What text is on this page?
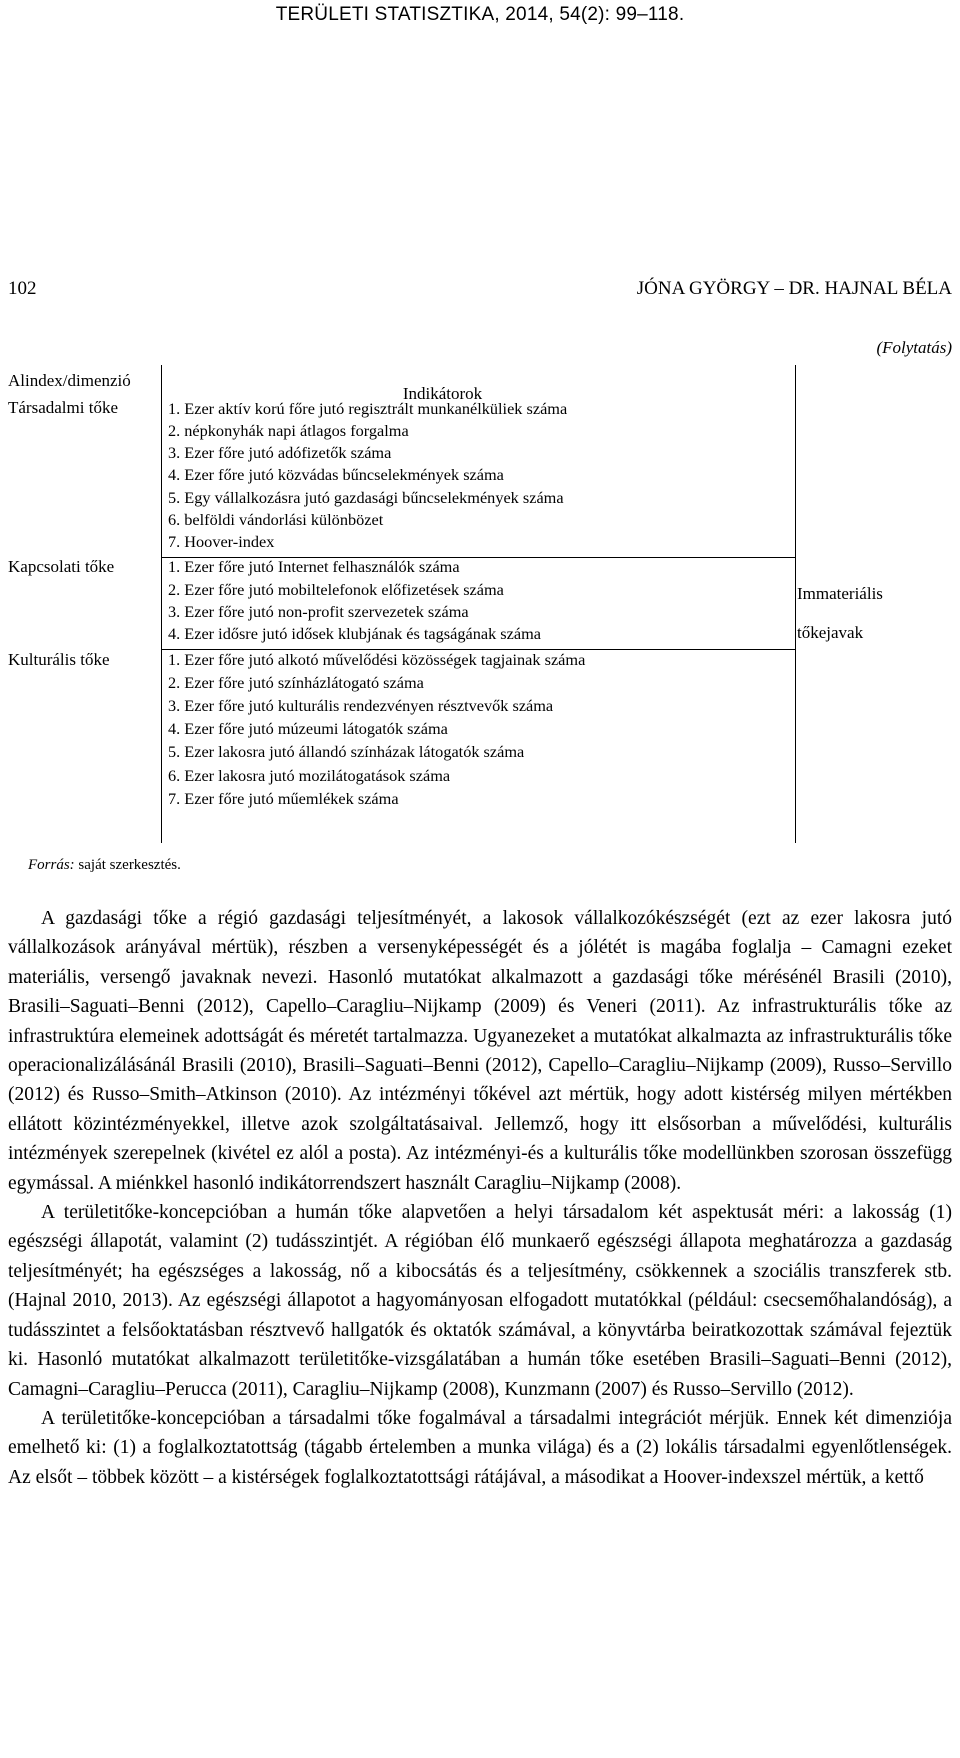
TERÜLETI STATISZTIKA, 2014, 54(2): 99–118.
102	JÓNA GYÖRGY – DR. HAJNAL BÉLA
(Folytatás)
Alindex/dimenzió
Indikátorok
Társadalmi tőke	1. Ezer aktív korú főre jutó regisztrált munkanélküliek száma
2. népkonyhák napi átlagos forgalma
3. Ezer főre jutó adófizetők száma
4. Ezer főre jutó közvádas bűncselekmények száma
5. Egy vállalkozásra jutó gazdasági bűncselekmények száma
6. belföldi vándorlási különbözet
7. Hoover-index
Kapcsolati tőke	1. Ezer főre jutó Internet felhasználók száma
2. Ezer főre jutó mobiltelefonok előfizetések száma
3. Ezer főre jutó non-profit szervezetek száma
4. Ezer idősre jutó idősek klubjának és tagságának száma
Kulturális tőke	1. Ezer főre jutó alkotó művelődési közösségek tagjainak száma
2. Ezer főre jutó színházlátogató száma
3. Ezer főre jutó kulturális rendezvényen résztvevők száma
4. Ezer főre jutó múzeumi látogatók száma
5. Ezer lakosra jutó állandó színházak látogatók száma
6. Ezer lakosra jutó mozilátogatások száma
7. Ezer főre jutó műemlékek száma
Immateriális
tőkejavak
Forrás: saját szerkesztés.

A gazdasági tőke a régió gazdasági teljesítményét, a lakosok vállalkozókészségét (ezt az ezer lakosra jutó vállalkozások arányával mértük), részben a versenyképességét és a jólétét is magába foglalja – Camagni ezeket materiális, versengő javaknak nevezi. Hasonló mutatókat alkalmazott a gazdasági tőke mérésénél Brasili (2010), Brasili–Saguati–Benni (2012), Capello–Caragliu–Nijkamp (2009) és Veneri (2011). Az infrastrukturális tőke az infrastruktúra elemeinek adottságát és méretét tartalmazza. Ugyanezeket a mutatókat alkalmazta az infrastrukturális tőke operacionalizálásánál Brasili (2010), Brasili–Saguati–Benni (2012), Capello–Caragliu–Nijkamp (2009), Russo–Servillo (2012) és Russo–Smith–Atkinson (2010). Az intézményi tőkével azt mértük, hogy adott kistérség milyen mértékben ellátott közintézményekkel, illetve azok szolgáltatásaival. Jellemző, hogy itt elsősorban a művelődési, kulturális intézmények szerepelnek (kivétel ez alól a posta). Az intézményi-és a kulturális tőke modellünkben szorosan összefügg egymással. A miénkkel hasonló indikátorrendszert használt Caragliu–Nijkamp (2008).

A területitőke-koncepcióban a humán tőke alapvetően a helyi társadalom két aspektusát méri: a lakosság (1) egészségi állapotát, valamint (2) tudásszintjét. A régióban élő munkaerő egészségi állapota meghatározza a gazdaság teljesítményét; ha egészséges a lakosság, nő a kibocsátás és a teljesítmény, csökkennek a szociális transzferek stb. (Hajnal 2010, 2013). Az egészségi állapotot a hagyományosan elfogadott mutatókkal (például: csecsemőhalandóság), a tudásszintet a felsőoktatásban résztvevő hallgatók és oktatók számával, a könyvtárba beiratkozottak számával fejeztük ki. Hasonló mutatókat alkalmazott területitőke-vizsgálatában a humán tőke esetében Brasili–Saguati–Benni (2012), Camagni–Caragliu–Perucca (2011), Caragliu–Nijkamp (2008), Kunzmann (2007) és Russo–Servillo (2012).

A területitőke-koncepcióban a társadalmi tőke fogalmával a társadalmi integrációt mérjük. Ennek két dimenziója emelhető ki: (1) a foglalkoztatottság (tágabb értelemben a munka világa) és a (2) lokális társadalmi egyenlőtlenségek. Az elsőt – többek között – a kistérségek foglalkoztatottsági rátájával, a másodikat a Hoover-indexszel mértük, a kettő
